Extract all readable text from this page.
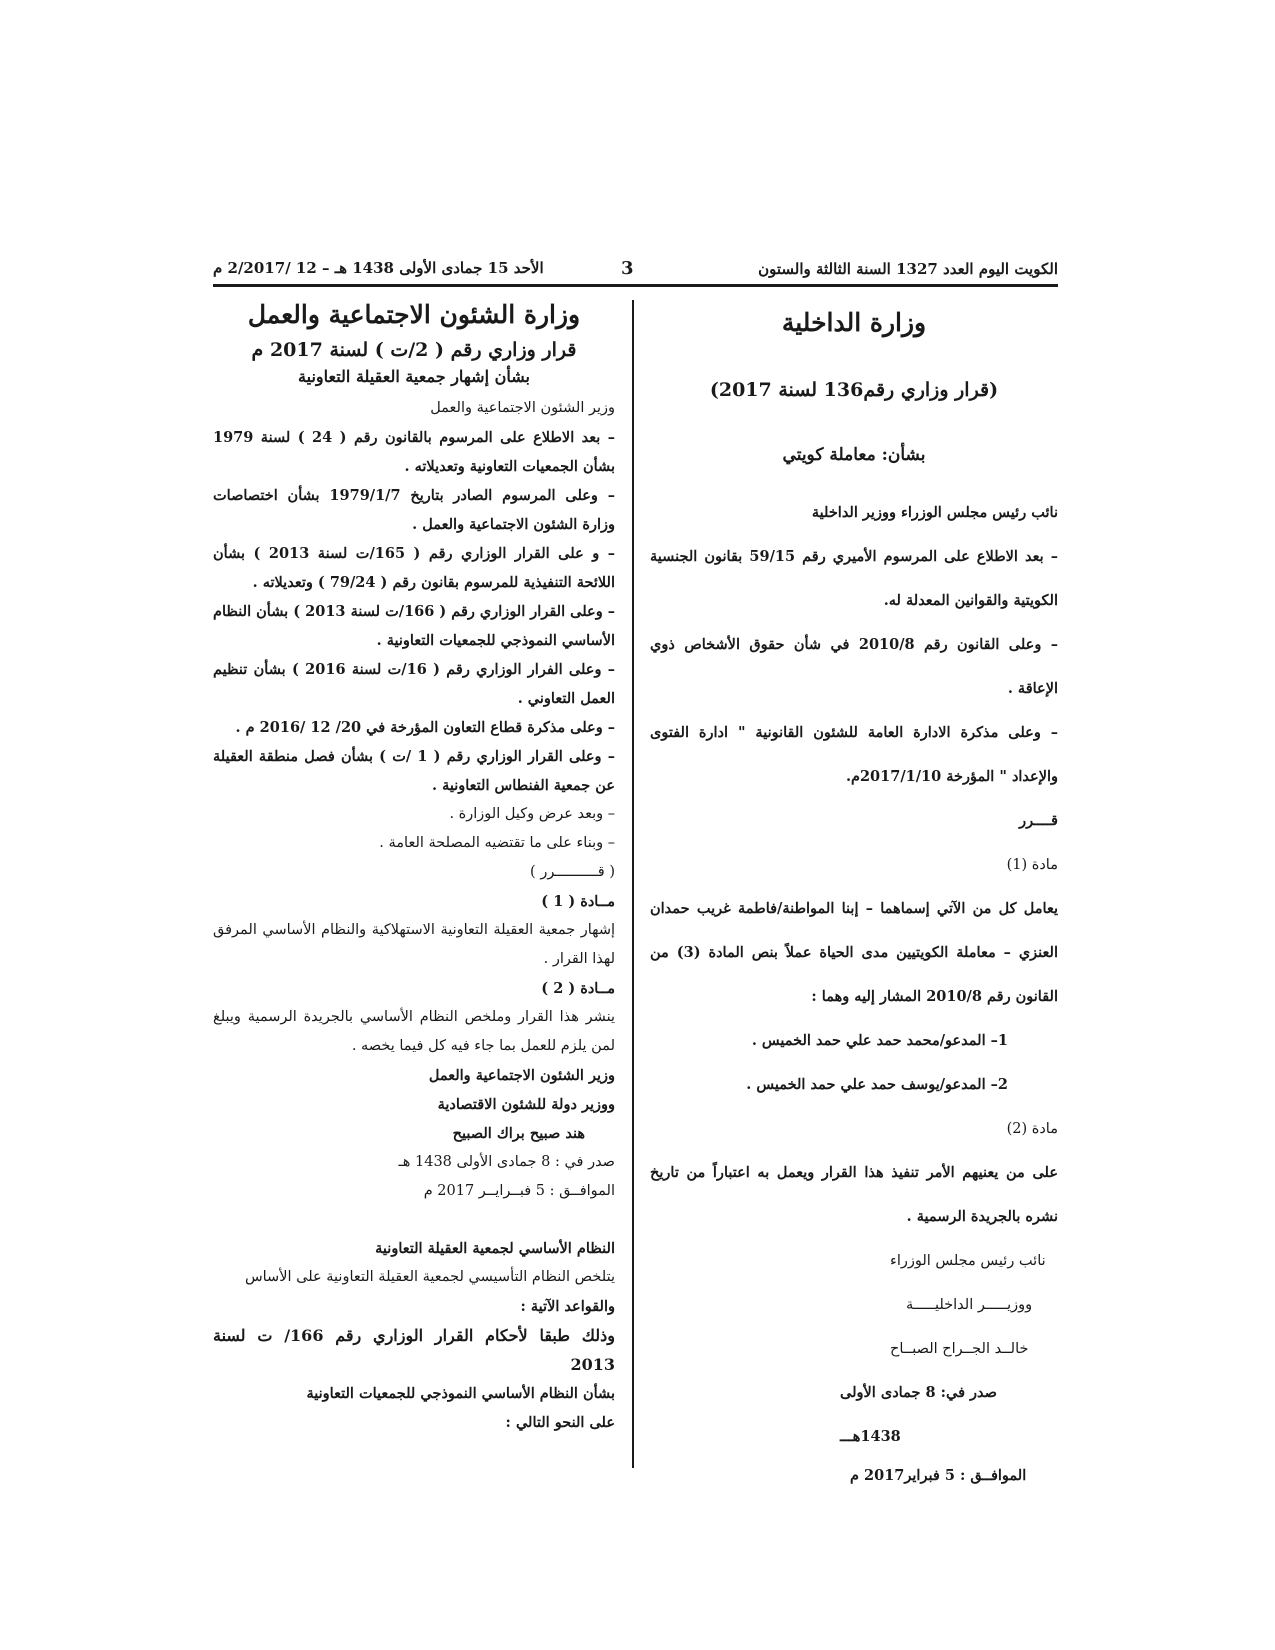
الكويت اليوم العدد 1327 السنة الثالثة والستون
3
الأحد 15 جمادى الأولى 1438 هـ – 12 /2/2017 م
وزارة الداخلية
(قرار وزاري رقم136 لسنة 2017)
بشأن: معاملة كويتي

نائب رئيس مجلس الوزراء ووزير الداخلية

– بعد الاطلاع على المرسوم الأميري رقم 59/15 بقانون الجنسية الكويتية والقوانين المعدلة له.

– وعلى القانون رقم 2010/8 في شأن حقوق الأشخاص ذوي الإعاقة .

– وعلى مذكرة الادارة العامة للشئون القانونية " ادارة الفتوى والإعداد " المؤرخة 2017/1/10م.

قــــرر

مادة (1)

يعامل كل من الآتي إسماهما – إبنا المواطنة/فاطمة غريب حمدان العنزي – معاملة الكويتيين مدى الحياة عملاً بنص المادة (3) من القانون رقم 2010/8 المشار إليه وهما :

1– المدعو/محمد حمد علي حمد الخميس .

2– المدعو/يوسف حمد علي حمد الخميس .

مادة (2)

على من يعنيهم الأمر تنفيذ هذا القرار ويعمل به اعتباراً من تاريخ نشره بالجريدة الرسمية .

نائب رئيس مجلس الوزراء

ووزيـــــر الداخليـــــة

خالــد الجــراح الصبــاح

صدر في: 8 جمادى الأولى 1438هـــ

الموافــق : 5 فبراير2017 م

وزارة الشئون الاجتماعية والعمل
قرار وزاري رقم ( 2/ت ) لسنة 2017 م
بشأن إشهار جمعية العقيلة التعاونية

وزير الشئون الاجتماعية والعمل

– بعد الاطلاع على المرسوم بالقانون رقم ( 24 ) لسنة 1979 بشأن الجمعيات التعاونية وتعديلاته .

– وعلى المرسوم الصادر بتاريخ 1979/1/7 بشأن اختصاصات وزارة الشئون الاجتماعية والعمل .

– و على القرار الوزاري رقم ( 165/ت لسنة 2013 ) بشأن اللائحة التنفيذية للمرسوم بقانون رقم ( 79/24 ) وتعديلاته .

– وعلى القرار الوزاري رقم ( 166/ت لسنة 2013 ) بشأن النظام الأساسي النموذجي للجمعيات التعاونية .

– وعلى الفرار الوزاري رقم ( 16/ت لسنة 2016 ) بشأن تنظيم العمل التعاوني .

– وعلى مذكرة قطاع التعاون المؤرخة في 20/ 12 /2016 م .

– وعلى القرار الوزاري رقم ( 1 /ت ) بشأن فصل منطقة العقيلة عن جمعية الفنطاس التعاونية .

– وبعد عرض وكيل الوزارة .

– وبناء على ما تقتضيه المصلحة العامة .

( قــــــــــرر )

مــادة ( 1 )

إشهار جمعية العقيلة التعاونية الاستهلاكية والنظام الأساسي المرفق لهذا القرار .

مــادة ( 2 )

ينشر هذا القرار وملخص النظام الأساسي بالجريدة الرسمية ويبلغ لمن يلزم للعمل بما جاء فيه كل فيما يخصه .

وزير الشئون الاجتماعية والعمل

ووزير دولة للشئون الاقتصادية

هند صبيح براك الصبيح

صدر في : 8 جمادى الأولى 1438 هـ

الموافــق : 5 فبــرايــر 2017 م

النظام الأساسي لجمعية العقيلة التعاونية

يتلخص النظام التأسيسي لجمعية العقيلة التعاونية على الأساس

والقواعد الآتية :

وذلك طبقا لأحكام القرار الوزاري رقم 166/ ت لسنة 2013

بشأن النظام الأساسي النموذجي للجمعيات التعاونية

على النحو التالي :
